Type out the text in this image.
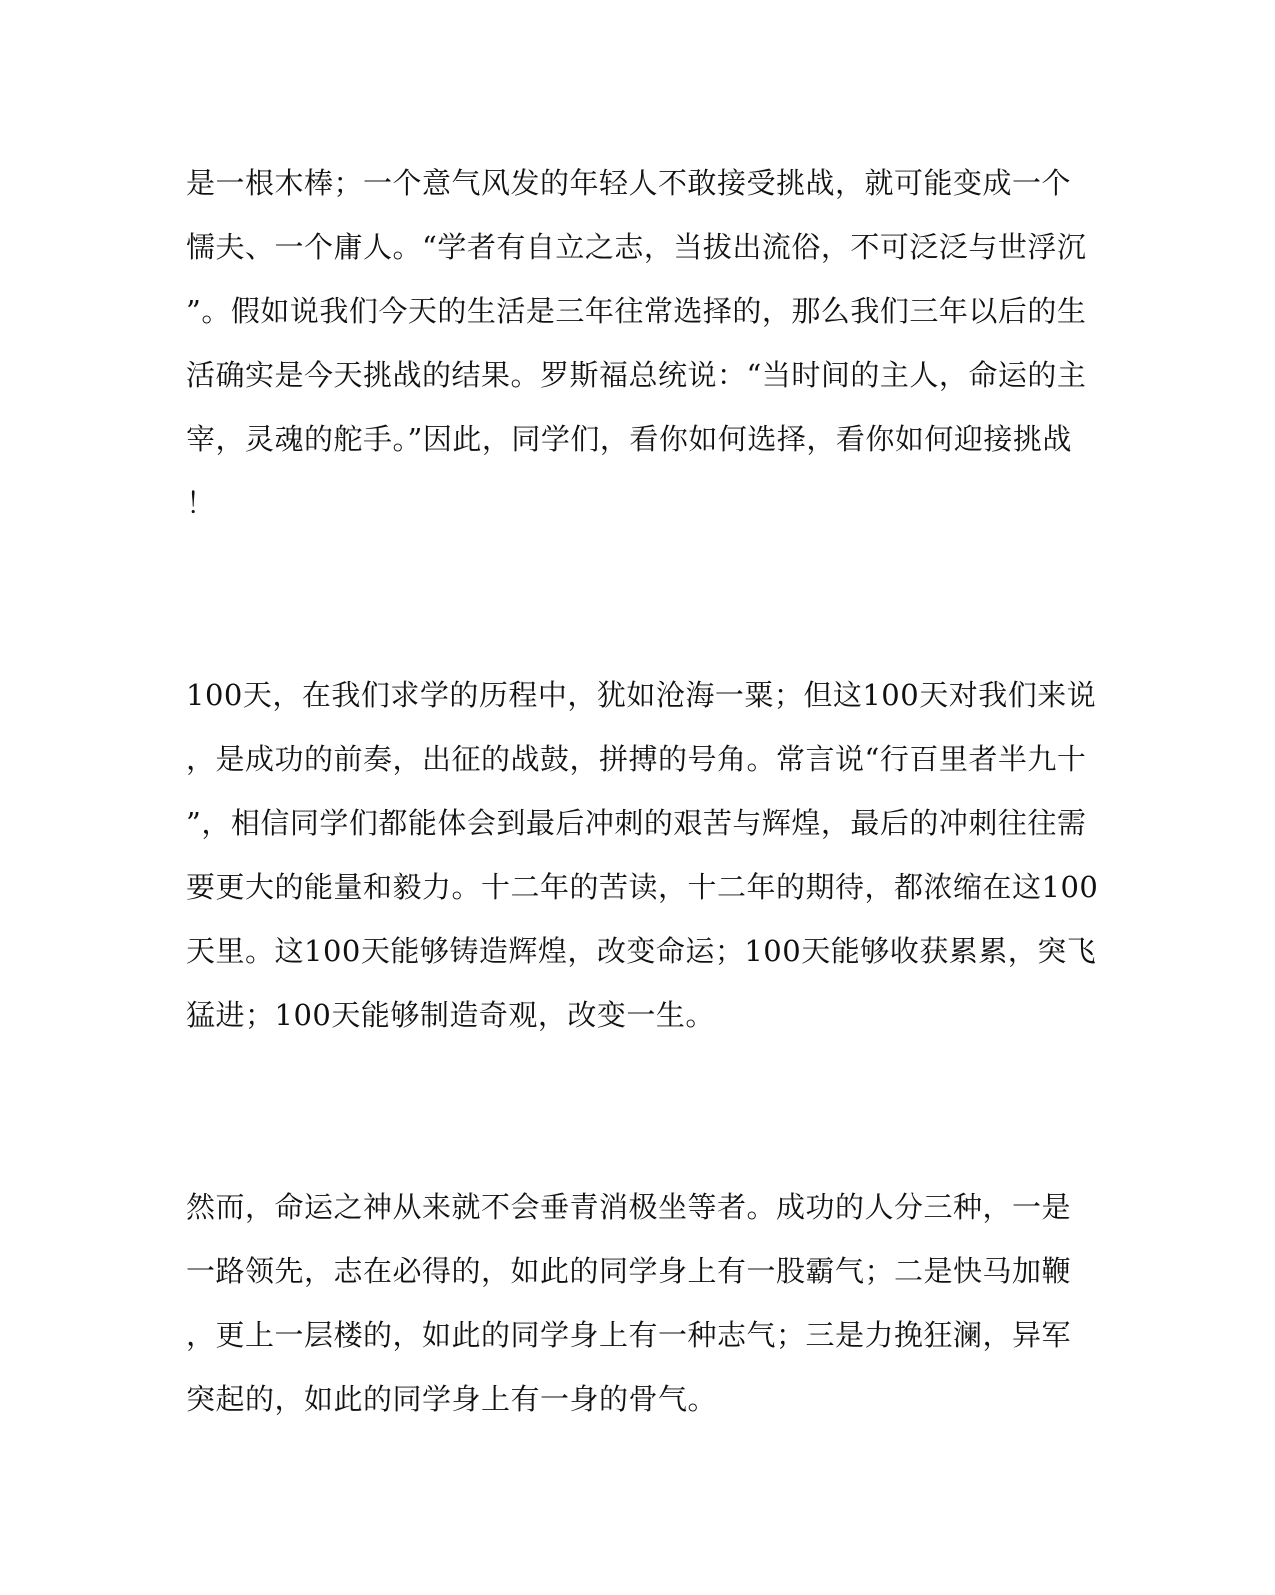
是一根木棒；一个意气风发的年轻人不敢接受挑战，就可能变成一个
懦夫、一个庸人。“学者有自立之志，当拔出流俗，不可泛泛与世浮沉
”。假如说我们今天的生活是三年往常选择的，那么我们三年以后的生
活确实是今天挑战的结果。罗斯福总统说：“当时间的主人，命运的主
宰，灵魂的舵手。”因此，同学们，看你如何选择，看你如何迎接挑战
！
100天，在我们求学的历程中，犹如沧海一粟；但这100天对我们来说
，是成功的前奏，出征的战鼓，拼搏的号角。常言说“行百里者半九十
”，相信同学们都能体会到最后冲刺的艰苦与辉煌，最后的冲刺往往需
要更大的能量和毅力。十二年的苦读，十二年的期待，都浓缩在这100
天里。这100天能够铸造辉煌，改变命运；100天能够收获累累，突飞
猛进；100天能够制造奇观，改变一生。
然而，命运之神从来就不会垂青消极坐等者。成功的人分三种，一是
一路领先，志在必得的，如此的同学身上有一股霸气；二是快马加鞭
，更上一层楼的，如此的同学身上有一种志气；三是力挽狂澜，异军
突起的，如此的同学身上有一身的骨气。
